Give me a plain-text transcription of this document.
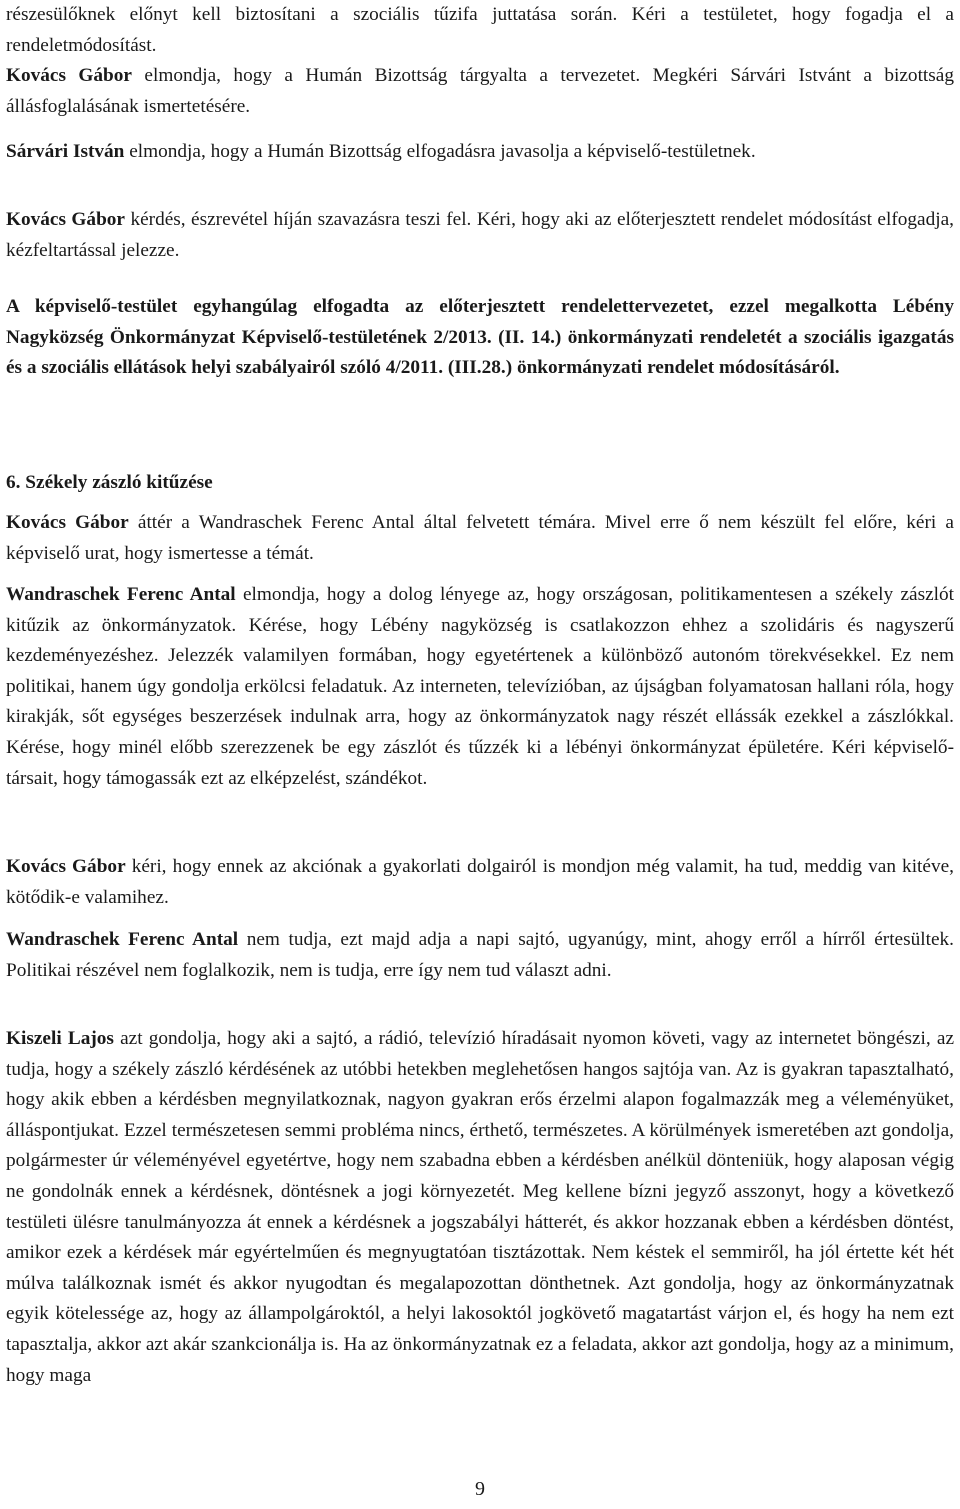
részesülőknek előnyt kell biztosítani a szociális tűzifa juttatása során. Kéri a testületet, hogy fogadja el a rendeletmódosítást.

Kovács Gábor elmondja, hogy a Humán Bizottság tárgyalta a tervezetet. Megkéri Sárvári Istvánt a bizottság állásfoglalásának ismertetésére.

Sárvári István elmondja, hogy a Humán Bizottság elfogadásra javasolja a képviselő-testületnek.

Kovács Gábor kérdés, észrevétel híján szavazásra teszi fel. Kéri, hogy aki az előterjesztett rendelet módosítást elfogadja, kézfeltartással jelezze.

A képviselő-testület egyhangúlag elfogadta az előterjesztett rendelettervezetet, ezzel megalkotta Lébény Nagyközség Önkormányzat Képviselő-testületének 2/2013. (II. 14.) önkormányzati rendeletét a szociális igazgatás és a szociális ellátások helyi szabályairól szóló 4/2011. (III.28.) önkormányzati rendelet módosításáról.

6. Székely zászló kitűzése

Kovács Gábor áttér a Wandraschek Ferenc Antal által felvetett témára. Mivel erre ő nem készült fel előre, kéri a képviselő urat, hogy ismertesse a témát.

Wandraschek Ferenc Antal elmondja, hogy a dolog lényege az, hogy országosan, politikamentesen a székely zászlót kitűzik az önkormányzatok. Kérése, hogy Lébény nagyközség is csatlakozzon ehhez a szolidáris és nagyszerű kezdeményezéshez. Jelezzék valamilyen formában, hogy egyetértenek a különböző autonóm törekvésekkel. Ez nem politikai, hanem úgy gondolja erkölcsi feladatuk. Az interneten, televízióban, az újságban folyamatosan hallani róla, hogy kirakják, sőt egységes beszerzések indulnak arra, hogy az önkormányzatok nagy részét ellássák ezekkel a zászlókkal. Kérése, hogy minél előbb szerezzenek be egy zászlót és tűzzék ki a lébényi önkormányzat épületére. Kéri képviselő-társait, hogy támogassák ezt az elképzelést, szándékot.

Kovács Gábor kéri, hogy ennek az akciónak a gyakorlati dolgairól is mondjon még valamit, ha tud, meddig van kitéve, kötődik-e valamihez.

Wandraschek Ferenc Antal nem tudja, ezt majd adja a napi sajtó, ugyanúgy, mint, ahogy erről a hírről értesültek. Politikai részével nem foglalkozik, nem is tudja, erre így nem tud választ adni.

Kiszeli Lajos azt gondolja, hogy aki a sajtó, a rádió, televízió híradásait nyomon követi, vagy az internetet böngészi, az tudja, hogy a székely zászló kérdésének az utóbbi hetekben meglehetősen hangos sajtója van. Az is gyakran tapasztalható, hogy akik ebben a kérdésben megnyilatkoznak, nagyon gyakran erős érzelmi alapon fogalmazzák meg a véleményüket, álláspontjukat. Ezzel természetesen semmi probléma nincs, érthető, természetes. A körülmények ismeretében azt gondolja, polgármester úr véleményével egyetértve, hogy nem szabadna ebben a kérdésben anélkül dönteniük, hogy alaposan végig ne gondolnák ennek a kérdésnek, döntésnek a jogi környezetét. Meg kellene bízni jegyző asszonyt, hogy a következő testületi ülésre tanulmányozza át ennek a kérdésnek a jogszabályi hátterét, és akkor hozzanak ebben a kérdésben döntést, amikor ezek a kérdések már egyértelműen és megnyugtatóan tisztázottak. Nem késtek el semmiről, ha jól értette két hét múlva találkoznak ismét és akkor nyugodtan és megalapozottan dönthetnek. Azt gondolja, hogy az önkormányzatnak egyik kötelessége az, hogy az állampolgároktól, a helyi lakosoktól jogkövető magatartást várjon el, és hogy ha nem ezt tapasztalja, akkor azt akár szankcionálja is. Ha az önkormányzatnak ez a feladata, akkor azt gondolja, hogy az a minimum, hogy maga

9
